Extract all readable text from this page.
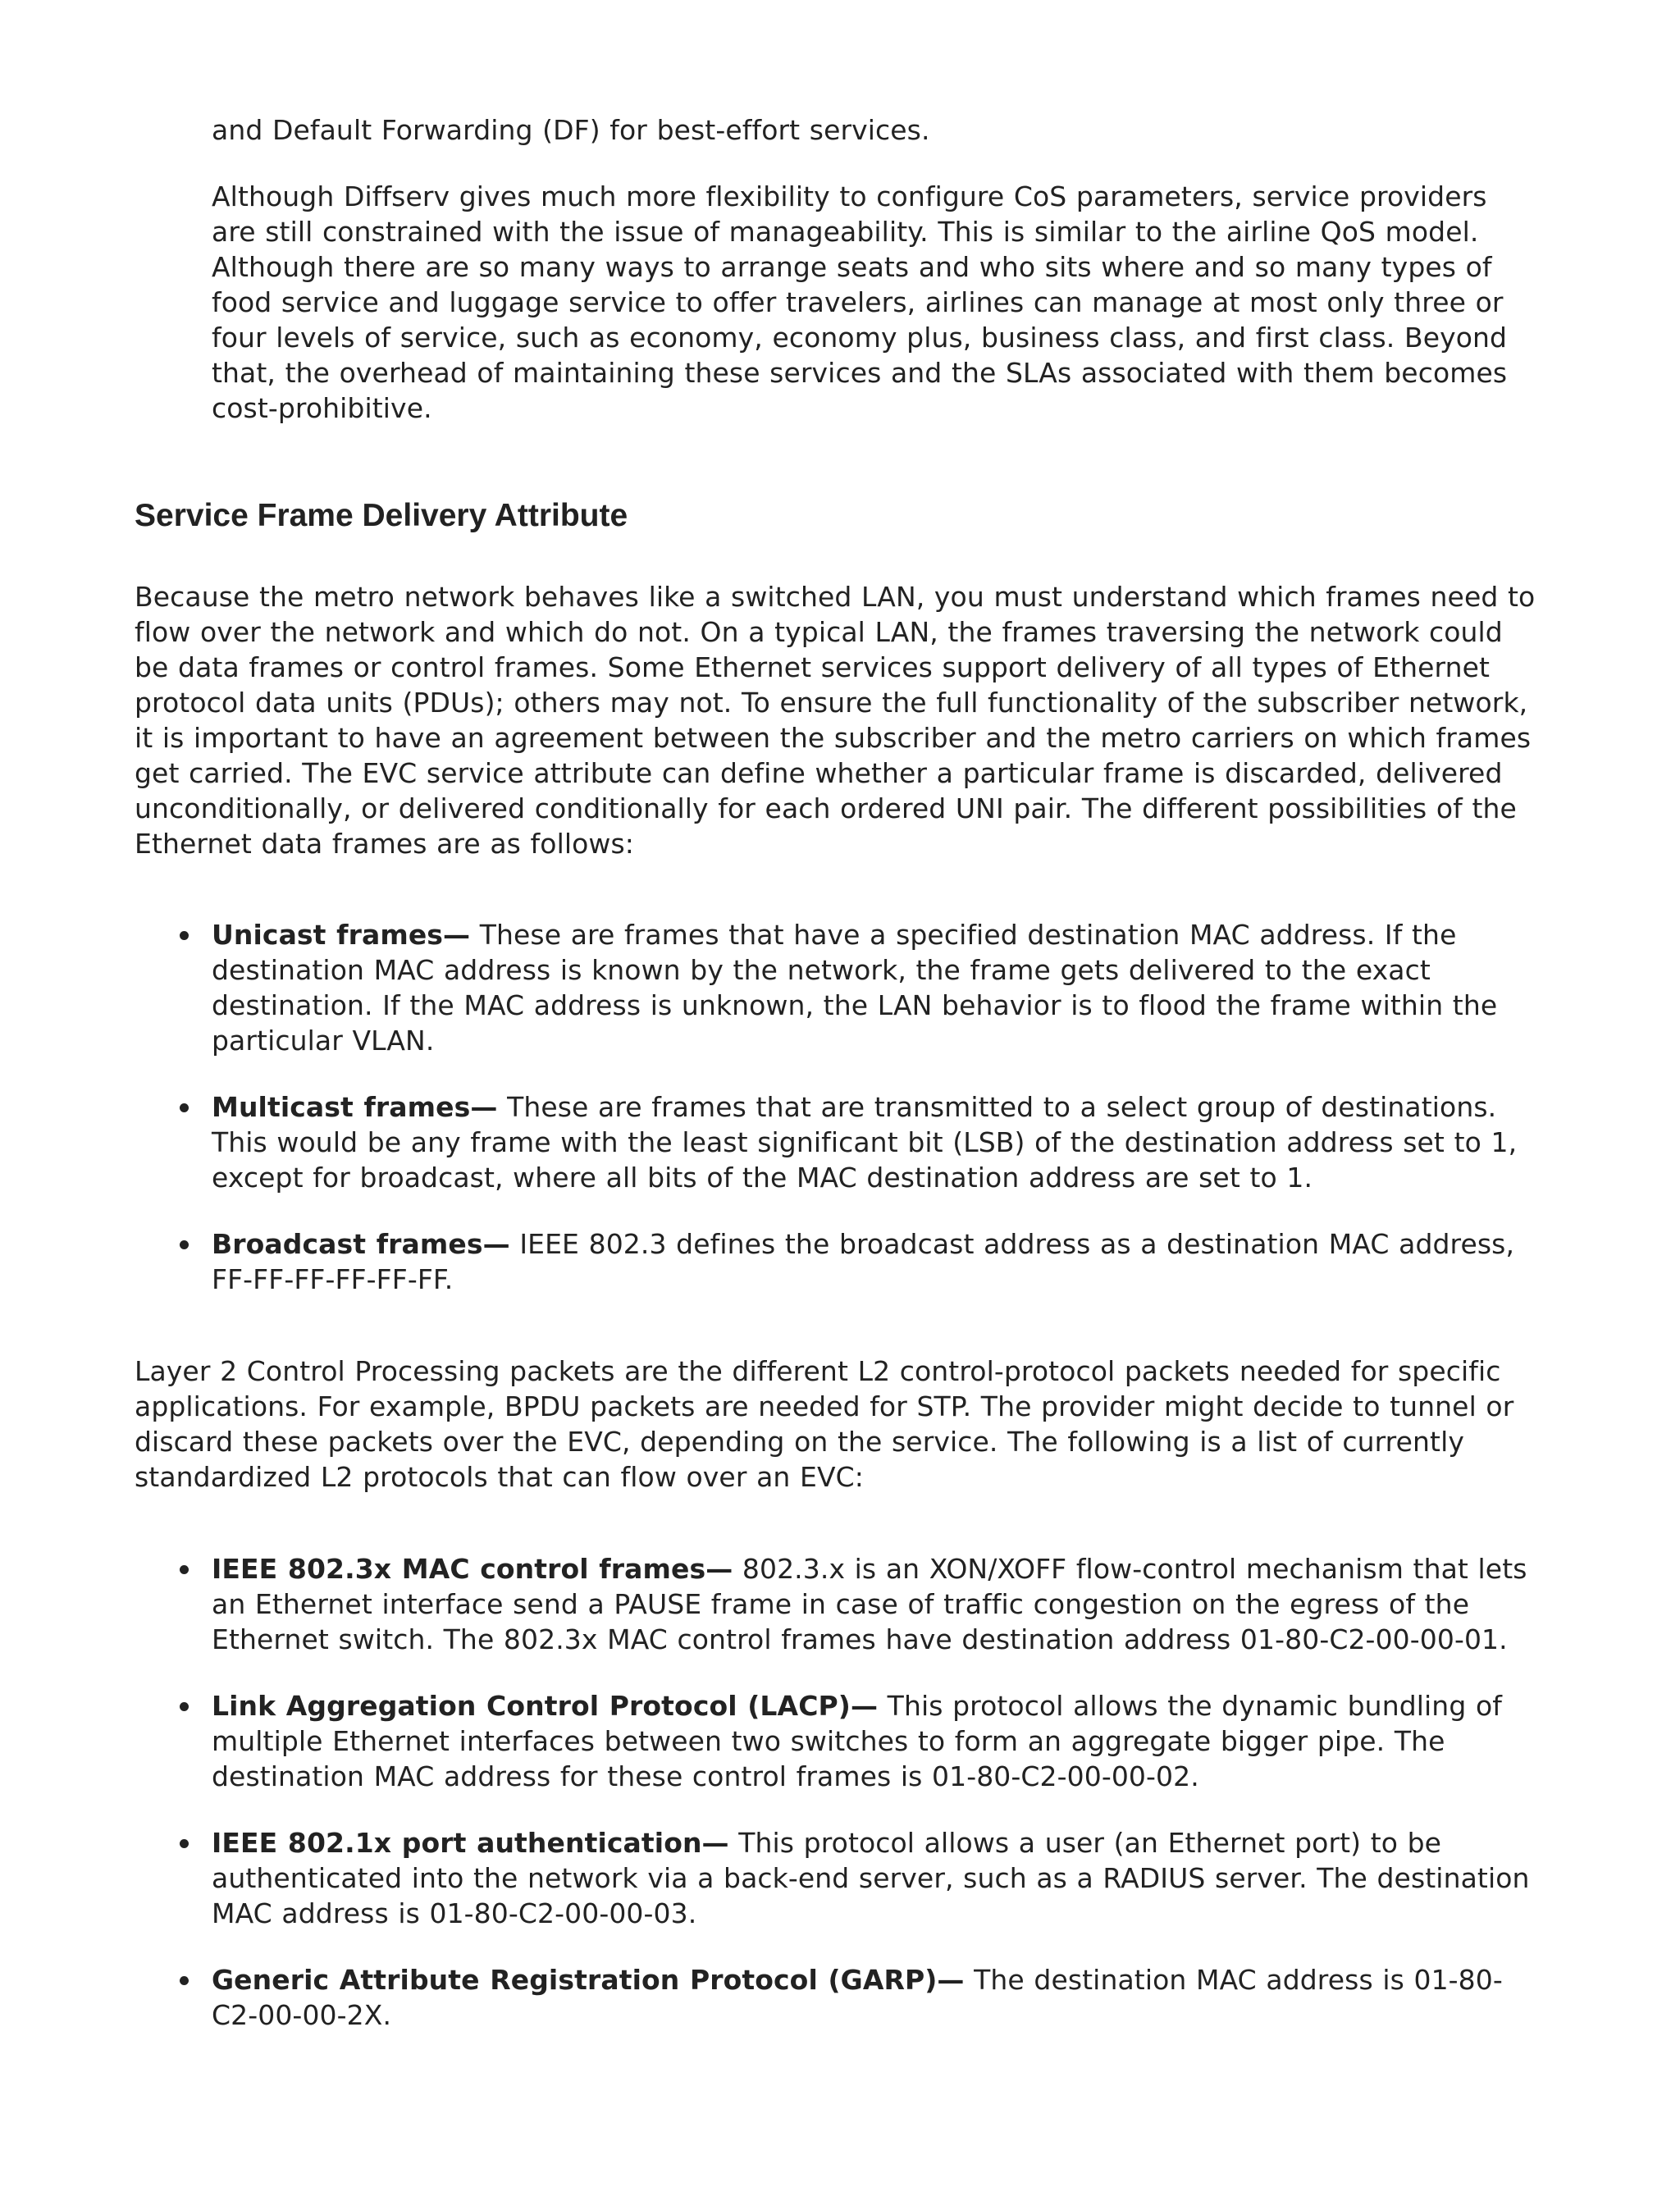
and Default Forwarding (DF) for best-effort services.

Although Diffserv gives much more flexibility to configure CoS parameters, service providers are still constrained with the issue of manageability. This is similar to the airline QoS model. Although there are so many ways to arrange seats and who sits where and so many types of food service and luggage service to offer travelers, airlines can manage at most only three or four levels of service, such as economy, economy plus, business class, and first class. Beyond that, the overhead of maintaining these services and the SLAs associated with them becomes cost-prohibitive.

Service Frame Delivery Attribute

Because the metro network behaves like a switched LAN, you must understand which frames need to flow over the network and which do not. On a typical LAN, the frames traversing the network could be data frames or control frames. Some Ethernet services support delivery of all types of Ethernet protocol data units (PDUs); others may not. To ensure the full functionality of the subscriber network, it is important to have an agreement between the subscriber and the metro carriers on which frames get carried. The EVC service attribute can define whether a particular frame is discarded, delivered unconditionally, or delivered conditionally for each ordered UNI pair. The different possibilities of the Ethernet data frames are as follows:

Unicast frames— These are frames that have a specified destination MAC address. If the destination MAC address is known by the network, the frame gets delivered to the exact destination. If the MAC address is unknown, the LAN behavior is to flood the frame within the particular VLAN.
Multicast frames— These are frames that are transmitted to a select group of destinations. This would be any frame with the least significant bit (LSB) of the destination address set to 1, except for broadcast, where all bits of the MAC destination address are set to 1.
Broadcast frames— IEEE 802.3 defines the broadcast address as a destination MAC address, FF-FF-FF-FF-FF-FF.

Layer 2 Control Processing packets are the different L2 control-protocol packets needed for specific applications. For example, BPDU packets are needed for STP. The provider might decide to tunnel or discard these packets over the EVC, depending on the service. The following is a list of currently standardized L2 protocols that can flow over an EVC:

IEEE 802.3x MAC control frames— 802.3.x is an XON/XOFF flow-control mechanism that lets an Ethernet interface send a PAUSE frame in case of traffic congestion on the egress of the Ethernet switch. The 802.3x MAC control frames have destination address 01-80-C2-00-00-01.
Link Aggregation Control Protocol (LACP)— This protocol allows the dynamic bundling of multiple Ethernet interfaces between two switches to form an aggregate bigger pipe. The destination MAC address for these control frames is 01-80-C2-00-00-02.
IEEE 802.1x port authentication— This protocol allows a user (an Ethernet port) to be authenticated into the network via a back-end server, such as a RADIUS server. The destination MAC address is 01-80-C2-00-00-03.
Generic Attribute Registration Protocol (GARP)— The destination MAC address is 01-80-C2-00-00-2X.
